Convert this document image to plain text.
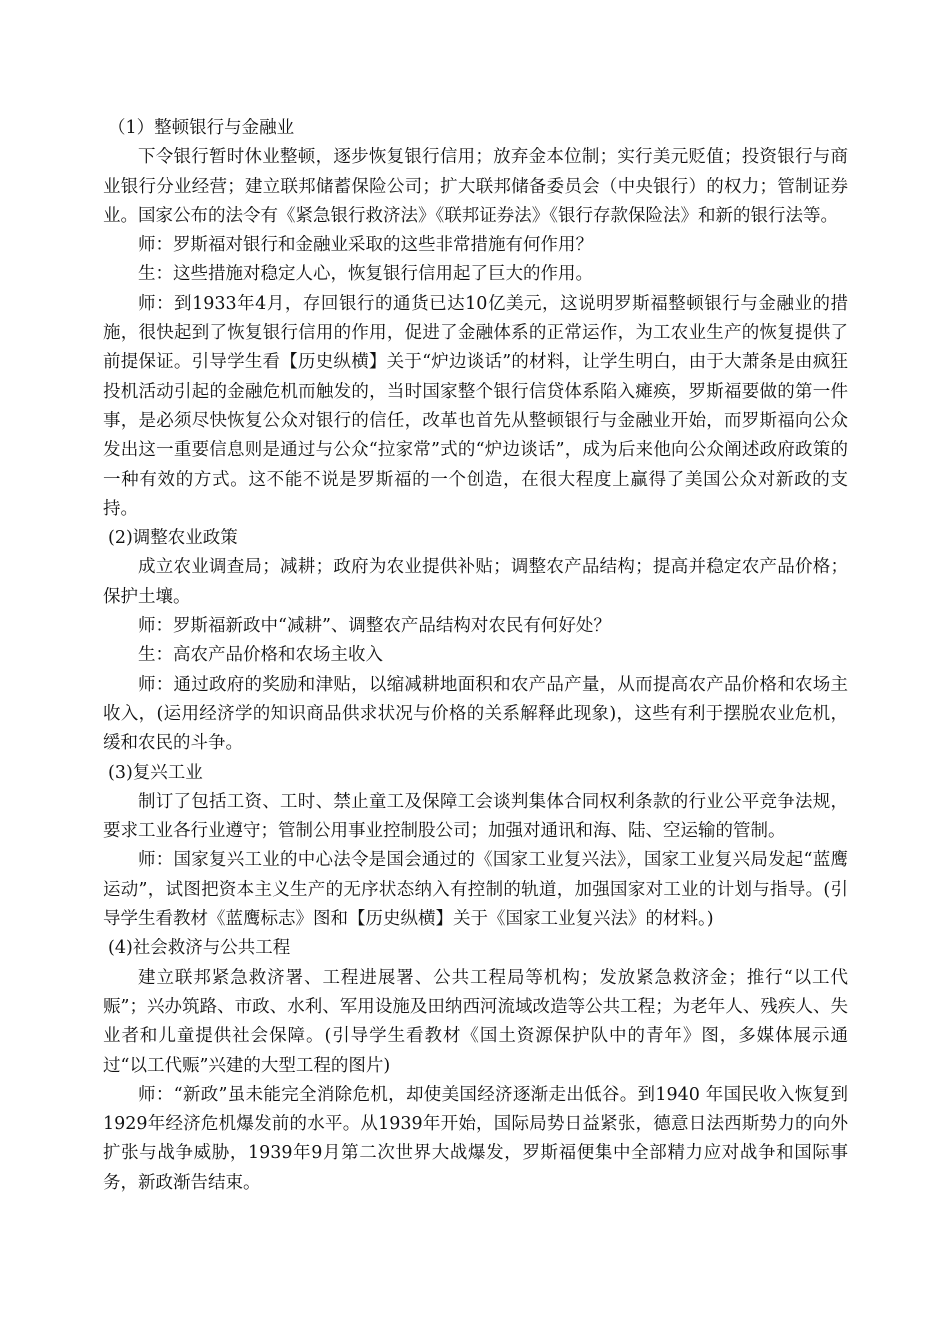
（1）整顿银行与金融业

下令银行暂时休业整顿，逐步恢复银行信用；放弃金本位制；实行美元贬值；投资银行与商业银行分业经营；建立联邦储蓄保险公司；扩大联邦储备委员会（中央银行）的权力；管制证券业。国家公布的法令有《紧急银行救济法》《联邦证券法》《银行存款保险法》和新的银行法等。

师：罗斯福对银行和金融业采取的这些非常措施有何作用？

生：这些措施对稳定人心，恢复银行信用起了巨大的作用。

师：到1933年4月，存回银行的通货已达10亿美元，这说明罗斯福整顿银行与金融业的措施，很快起到了恢复银行信用的作用，促进了金融体系的正常运作，为工农业生产的恢复提供了前提保证。引导学生看【历史纵横】关于“炉边谈话”的材料，让学生明白，由于大萧条是由疯狂投机活动引起的金融危机而触发的，当时国家整个银行信贷体系陷入瘫痪，罗斯福要做的第一件事，是必须尽快恢复公众对银行的信任，改革也首先从整顿银行与金融业开始，而罗斯福向公众发出这一重要信息则是通过与公众“拉家常”式的“炉边谈话”，成为后来他向公众阐述政府政策的一种有效的方式。这不能不说是罗斯福的一个创造，在很大程度上赢得了美国公众对新政的支持。

(2)调整农业政策

成立农业调查局；减耕；政府为农业提供补贴；调整农产品结构；提高并稳定农产品价格；保护土壤。

师：罗斯福新政中“减耕”、调整农产品结构对农民有何好处？

生：高农产品价格和农场主收入

师：通过政府的奖励和津贴，以缩减耕地面积和农产品产量，从而提高农产品价格和农场主收入，(运用经济学的知识商品供求状况与价格的关系解释此现象)，这些有利于摆脱农业危机，缓和农民的斗争。

(3)复兴工业

制订了包括工资、工时、禁止童工及保障工会谈判集体合同权利条款的行业公平竞争法规，要求工业各行业遵守；管制公用事业控制股公司；加强对通讯和海、陆、空运输的管制。

师：国家复兴工业的中心法令是国会通过的《国家工业复兴法》，国家工业复兴局发起“蓝鹰运动”，试图把资本主义生产的无序状态纳入有控制的轨道，加强国家对工业的计划与指导。(引导学生看教材《蓝鹰标志》图和【历史纵横】关于《国家工业复兴法》的材料。)

(4)社会救济与公共工程

建立联邦紧急救济署、工程进展署、公共工程局等机构；发放紧急救济金；推行“以工代赈”；兴办筑路、市政、水利、军用设施及田纳西河流域改造等公共工程；为老年人、残疾人、失业者和儿童提供社会保障。(引导学生看教材《国土资源保护队中的青年》图，多媒体展示通过“以工代赈”兴建的大型工程的图片)

师：“新政”虽未能完全消除危机，却使美国经济逐渐走出低谷。到1940 年国民收入恢复到1929年经济危机爆发前的水平。从1939年开始，国际局势日益紧张，德意日法西斯势力的向外扩张与战争威胁，1939年9月第二次世界大战爆发，罗斯福便集中全部精力应对战争和国际事务，新政渐告结束。
